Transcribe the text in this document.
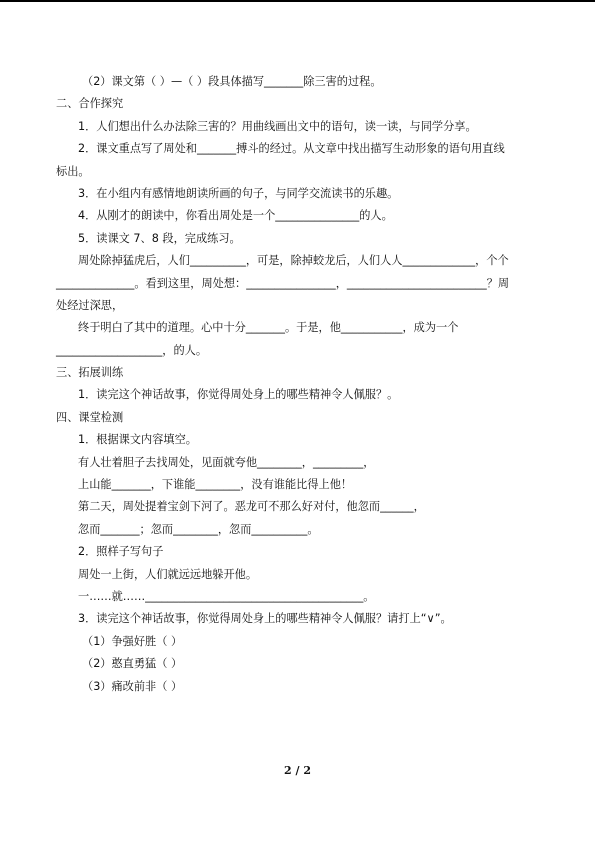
（2）课文第（ ）—（ ）段具体描写_______除三害的过程。
二、合作探究
1．人们想出什么办法除三害的？用曲线画出文中的语句，读一读，与同学分享。
2．课文重点写了周处和_______搏斗的经过。从文章中找出描写生动形象的语句用直线
标出。
3．在小组内有感情地朗读所画的句子，与同学交流读书的乐趣。
4．从刚才的朗读中，你看出周处是一个_______________的人。
5．读课文 7、8 段，完成练习。
周处除掉猛虎后，人们__________，可是，除掉蛟龙后，人们人人_____________，个个
______________。看到这里，周处想：________________，_________________________？周
处经过深思，
终于明白了其中的道理。心中十分_______。于是，他___________，成为一个
___________________，的人。
三、拓展训练
1．读完这个神话故事，你觉得周处身上的哪些精神令人佩服？。
四、课堂检测
1．根据课文内容填空。
有人壮着胆子去找周处，见面就夸他________，_________，
上山能_______，下谁能________，没有谁能比得上他！
第二天，周处提着宝剑下河了。恶龙可不那么好对付，他忽而______，
忽而_______；忽而________，忽而__________。
2．照样子写句子
周处一上街，人们就远远地躲开他。
一……就……_______________________________________。
3．读完这个神话故事，你觉得周处身上的哪些精神令人佩服？请打上“∨”。
（1）争强好胜（ ）
（2）憨直勇猛（ ）
（3）痛改前非（ ）
2 / 2
